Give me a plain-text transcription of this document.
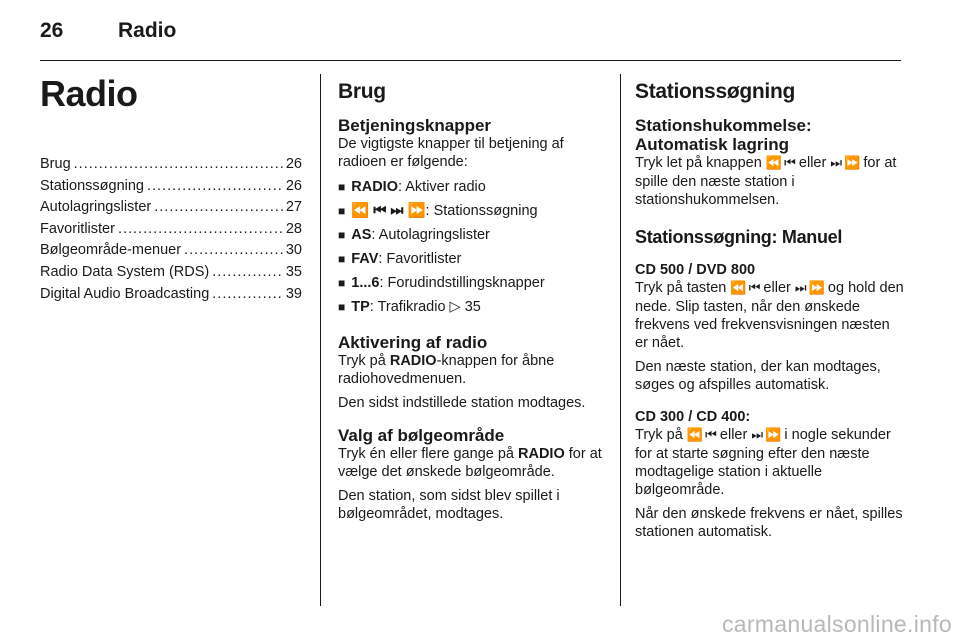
26	Radio
Radio
Brug .....	26
Stationssøgning .....	26
Autolagringslister .....	27
Favoritlister .....	28
Bølgeområde-menuer .....	30
Radio Data System (RDS) .....	35
Digital Audio Broadcasting .....	39
Brug
Betjeningsknapper

De vigtigste knapper til betjening af radioen er følgende:

■ RADIO: Aktiver radio
■ ⏪ ⏮ ⏭ ⏩: Stationssøgning
■ AS: Autolagringslister
■ FAV: Favoritlister
■ 1...6: Forudindstillingsknapper
■ TP: Trafikradio ▷ 35
Aktivering af radio

Tryk på RADIO-knappen for åbne radiohovedmenuen.

Den sidst indstillede station modtages.

Valg af bølgeområde

Tryk én eller flere gange på RADIO for at vælge det ønskede bølgeområde.

Den station, som sidst blev spillet i bølgeområdet, modtages.

Stationssøgning
Stationshukommelse: Automatisk lagring

Tryk let på knappen ⏪ ⏮ eller ⏭ ⏩ for at spille den næste station i stationshukommelsen.

Stationssøgning: Manuel
CD 500 / DVD 800

Tryk på tasten ⏪ ⏮ eller ⏭ ⏩ og hold den nede. Slip tasten, når den ønskede frekvens ved frekvensvisningen næsten er nået.

Den næste station, der kan modtages, søges og afspilles automatisk.

CD 300 / CD 400:

Tryk på ⏪ ⏮ eller ⏭ ⏩ i nogle sekunder for at starte søgning efter den næste modtagelige station i aktuelle bølgeområde.

Når den ønskede frekvens er nået, spilles stationen automatisk.

carmanualsonline.info
